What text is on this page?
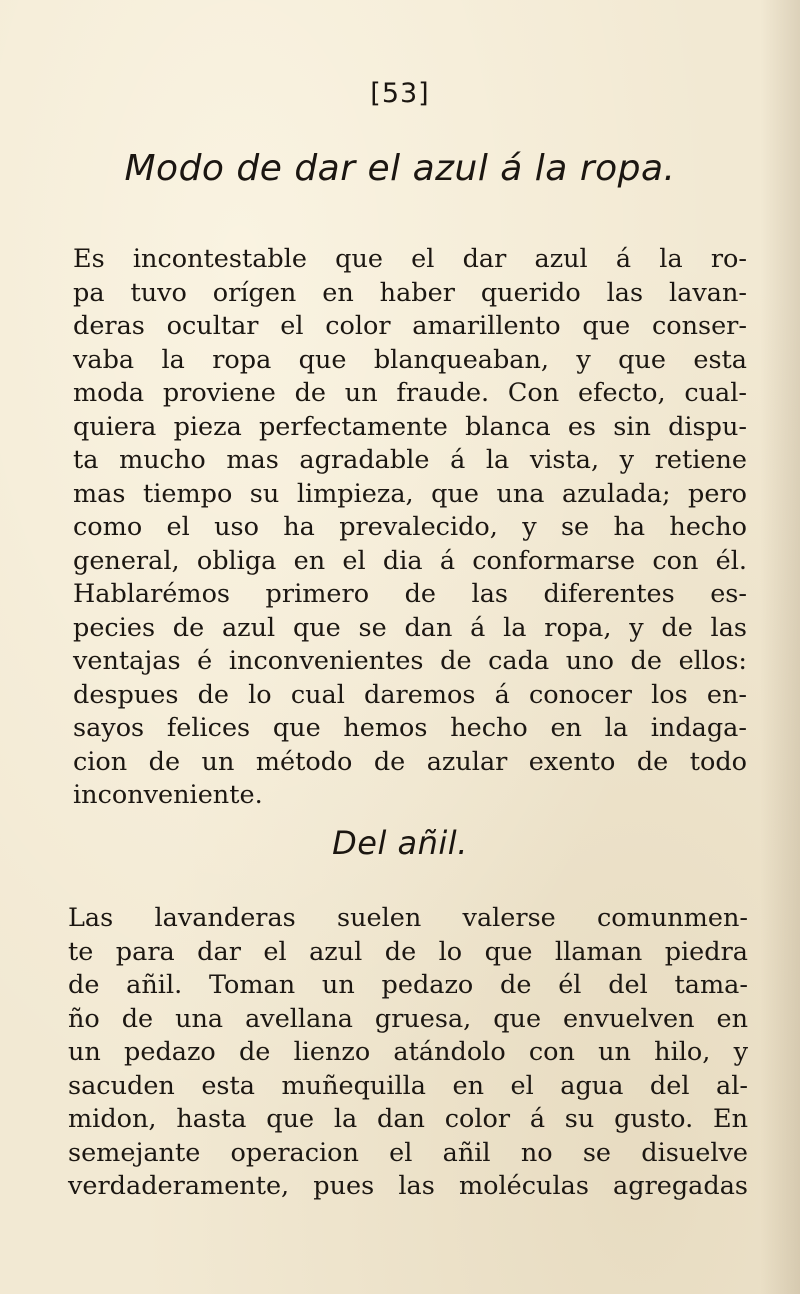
[53]
Modo de dar el azul á la ropa.
Es incontestable que el dar azul á la ro-
pa tuvo orígen en haber querido las lavan-
deras ocultar el color amarillento que conser-
vaba la ropa que blanqueaban, y que esta
moda proviene de un fraude. Con efecto, cual-
quiera pieza perfectamente blanca es sin dispu-
ta mucho mas agradable á la vista, y retiene
mas tiempo su limpieza, que una azulada; pero
como el uso ha prevalecido, y se ha hecho
general, obliga en el dia á conformarse con él.
Hablarémos primero de las diferentes es-
pecies de azul que se dan á la ropa, y de las
ventajas é inconvenientes de cada uno de ellos:
despues de lo cual daremos á conocer los en-
sayos felices que hemos hecho en la indaga-
cion de un método de azular exento de todo
inconveniente.
Del añil.
Las lavanderas suelen valerse comunmen-
te para dar el azul de lo que llaman piedra
de añil. Toman un pedazo de él del tama-
ño de una avellana gruesa, que envuelven en
un pedazo de lienzo atándolo con un hilo, y
sacuden esta muñequilla en el agua del al-
midon, hasta que la dan color á su gusto. En
semejante operacion el añil no se disuelve
verdaderamente, pues las moléculas agregadas
